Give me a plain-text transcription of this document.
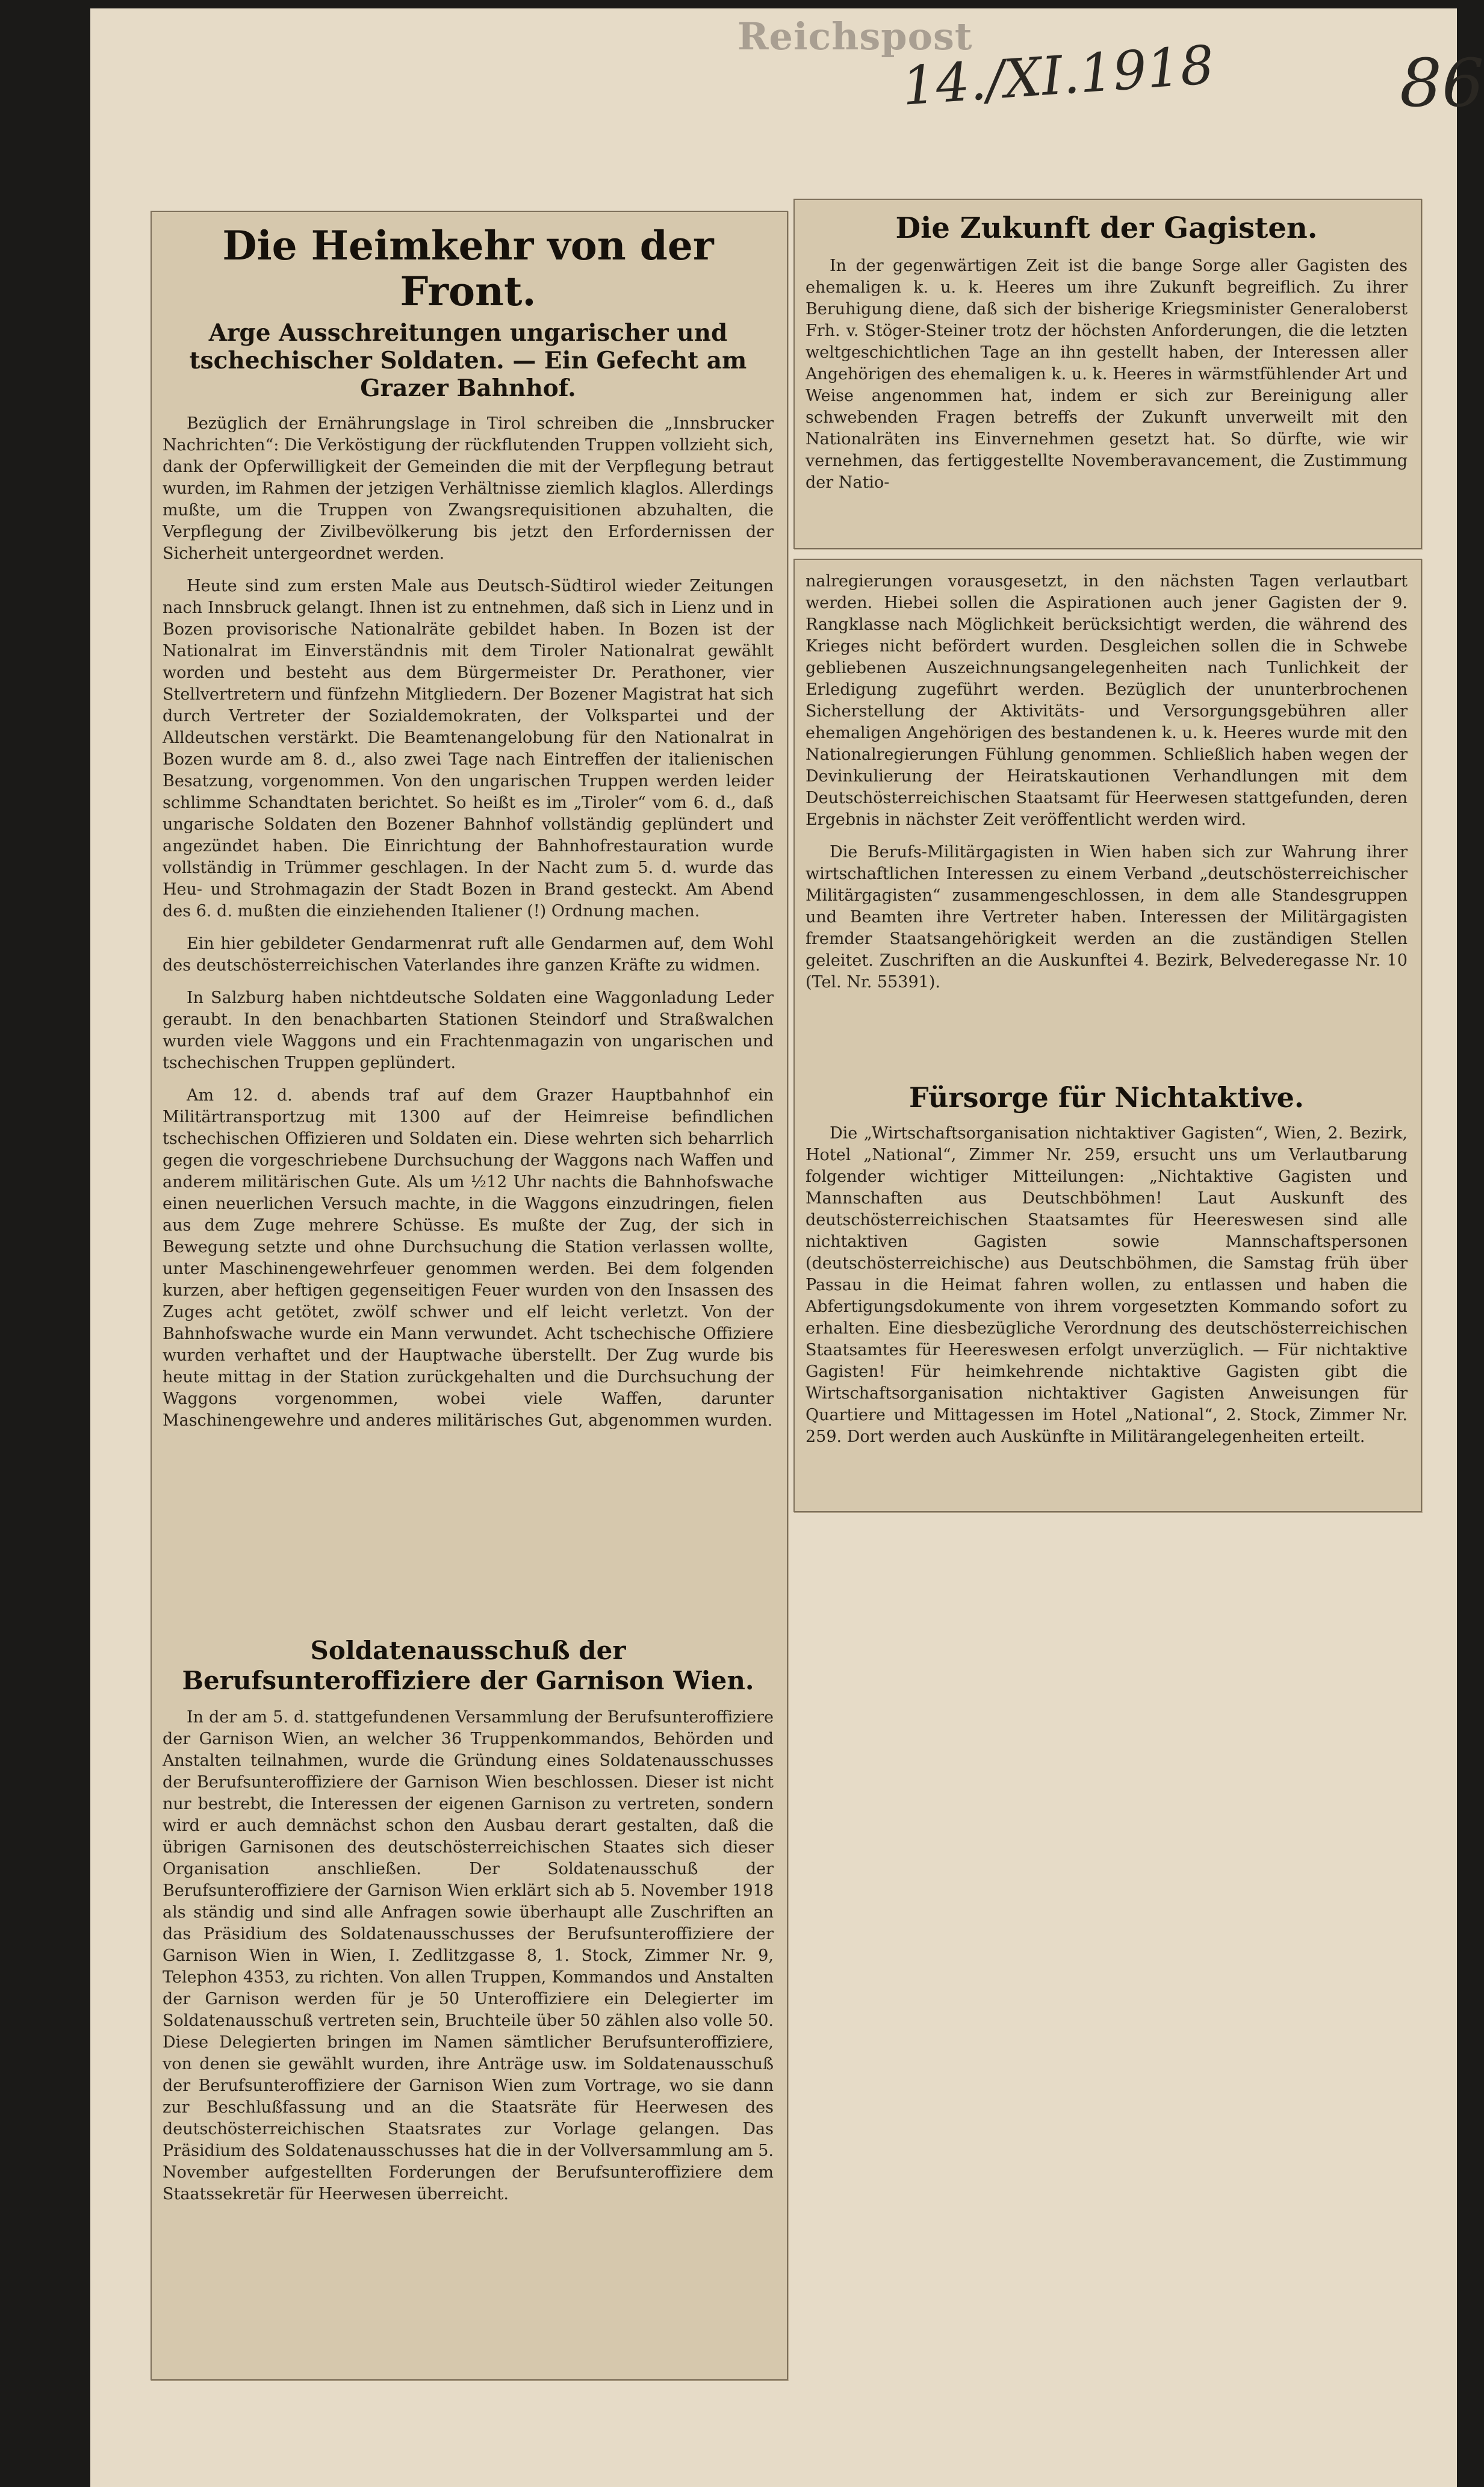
Reichspost
14./XI.1918	86
Die Heimkehr von der Front.
Arge Ausschreitungen ungarischer und tschechischer Soldaten. — Ein Gefecht am Grazer Bahnhof.

Bezüglich der Ernährungslage in Tirol schreiben die „Innsbrucker Nachrichten“: Die Verköstigung der rückflutenden Truppen vollzieht sich, dank der Opferwilligkeit der Gemeinden die mit der Verpflegung betraut wurden, im Rahmen der jetzigen Verhältnisse ziemlich klaglos. Allerdings mußte, um die Truppen von Zwangsrequisitionen abzuhalten, die Verpflegung der Zivilbevölkerung bis jetzt den Erfordernissen der Sicherheit untergeordnet werden.

Heute sind zum ersten Male aus Deutsch-Südtirol wieder Zeitungen nach Innsbruck gelangt. Ihnen ist zu entnehmen, daß sich in Lienz und in Bozen provisorische Nationalräte gebildet haben. In Bozen ist der Nationalrat im Einverständnis mit dem Tiroler Nationalrat gewählt worden und besteht aus dem Bürgermeister Dr. Perathoner, vier Stellvertretern und fünfzehn Mitgliedern. Der Bozener Magistrat hat sich durch Vertreter der Sozialdemokraten, der Volkspartei und der Alldeutschen verstärkt. Die Beamtenangelobung für den Nationalrat in Bozen wurde am 8. d., also zwei Tage nach Eintreffen der italienischen Besatzung, vorgenommen. Von den ungarischen Truppen werden leider schlimme Schandtaten berichtet. So heißt es im „Tiroler“ vom 6. d., daß ungarische Soldaten den Bozener Bahnhof vollständig geplündert und angezündet haben. Die Einrichtung der Bahnhofrestauration wurde vollständig in Trümmer geschlagen. In der Nacht zum 5. d. wurde das Heu- und Strohmagazin der Stadt Bozen in Brand gesteckt. Am Abend des 6. d. mußten die einziehenden Italiener (!) Ordnung machen.

Ein hier gebildeter Gendarmenrat ruft alle Gendarmen auf, dem Wohl des deutschösterreichischen Vaterlandes ihre ganzen Kräfte zu widmen.

In Salzburg haben nichtdeutsche Soldaten eine Waggonladung Leder geraubt. In den benachbarten Stationen Steindorf und Straßwalchen wurden viele Waggons und ein Frachtenmagazin von ungarischen und tschechischen Truppen geplündert.

Am 12. d. abends traf auf dem Grazer Hauptbahnhof ein Militärtransportzug mit 1300 auf der Heimreise befindlichen tschechischen Offizieren und Soldaten ein. Diese wehrten sich beharrlich gegen die vorgeschriebene Durchsuchung der Waggons nach Waffen und anderem militärischen Gute. Als um ½12 Uhr nachts die Bahnhofswache einen neuerlichen Versuch machte, in die Waggons einzudringen, fielen aus dem Zuge mehrere Schüsse. Es mußte der Zug, der sich in Bewegung setzte und ohne Durchsuchung die Station verlassen wollte, unter Maschinengewehrfeuer genommen werden. Bei dem folgenden kurzen, aber heftigen gegenseitigen Feuer wurden von den Insassen des Zuges acht getötet, zwölf schwer und elf leicht verletzt. Von der Bahnhofswache wurde ein Mann verwundet. Acht tschechische Offiziere wurden verhaftet und der Hauptwache überstellt. Der Zug wurde bis heute mittag in der Station zurückgehalten und die Durchsuchung der Waggons vorgenommen, wobei viele Waffen, darunter Maschinengewehre und anderes militärisches Gut, abgenommen wurden.

Soldatenausschuß der Berufsunteroffiziere der Garnison Wien.

In der am 5. d. stattgefundenen Versammlung der Berufsunteroffiziere der Garnison Wien, an welcher 36 Truppenkommandos, Behörden und Anstalten teilnahmen, wurde die Gründung eines Soldatenausschusses der Berufsunteroffiziere der Garnison Wien beschlossen. Dieser ist nicht nur bestrebt, die Interessen der eigenen Garnison zu vertreten, sondern wird er auch demnächst schon den Ausbau derart gestalten, daß die übrigen Garnisonen des deutschösterreichischen Staates sich dieser Organisation anschließen. Der Soldatenausschuß der Berufsunteroffiziere der Garnison Wien erklärt sich ab 5. November 1918 als ständig und sind alle Anfragen sowie überhaupt alle Zuschriften an das Präsidium des Soldatenausschusses der Berufsunteroffiziere der Garnison Wien in Wien, I. Zedlitzgasse 8, 1. Stock, Zimmer Nr. 9, Telephon 4353, zu richten. Von allen Truppen, Kommandos und Anstalten der Garnison werden für je 50 Unteroffiziere ein Delegierter im Soldatenausschuß vertreten sein, Bruchteile über 50 zählen also volle 50. Diese Delegierten bringen im Namen sämtlicher Berufsunteroffiziere, von denen sie gewählt wurden, ihre Anträge usw. im Soldatenausschuß der Berufsunteroffiziere der Garnison Wien zum Vortrage, wo sie dann zur Beschlußfassung und an die Staatsräte für Heerwesen des deutschösterreichischen Staatsrates zur Vorlage gelangen. Das Präsidium des Soldatenausschusses hat die in der Vollversammlung am 5. November aufgestellten Forderungen der Berufsunteroffiziere dem Staatssekretär für Heerwesen überreicht.

Die Zukunft der Gagisten.

In der gegenwärtigen Zeit ist die bange Sorge aller Gagisten des ehemaligen k. u. k. Heeres um ihre Zukunft begreiflich. Zu ihrer Beruhigung diene, daß sich der bisherige Kriegsminister Generaloberst Frh. v. Stöger-Steiner trotz der höchsten Anforderungen, die die letzten weltgeschichtlichen Tage an ihn gestellt haben, der Interessen aller Angehörigen des ehemaligen k. u. k. Heeres in wärmstfühlender Art und Weise angenommen hat, indem er sich zur Bereinigung aller schwebenden Fragen betreffs der Zukunft unverweilt mit den Nationalräten ins Einvernehmen gesetzt hat. So dürfte, wie wir vernehmen, das fertiggestellte Novemberavancement, die Zustimmung der Natio-

nalregierungen vorausgesetzt, in den nächsten Tagen verlautbart werden. Hiebei sollen die Aspirationen auch jener Gagisten der 9. Rangklasse nach Möglichkeit berücksichtigt werden, die während des Krieges nicht befördert wurden. Desgleichen sollen die in Schwebe gebliebenen Auszeichnungsangelegenheiten nach Tunlichkeit der Erledigung zugeführt werden. Bezüglich der ununterbrochenen Sicherstellung der Aktivitäts- und Versorgungsgebühren aller ehemaligen Angehörigen des bestandenen k. u. k. Heeres wurde mit den Nationalregierungen Fühlung genommen. Schließlich haben wegen der Devinkulierung der Heiratskautionen Verhandlungen mit dem Deutschösterreichischen Staatsamt für Heerwesen stattgefunden, deren Ergebnis in nächster Zeit veröffentlicht werden wird.

Die Berufs-Militärgagisten in Wien haben sich zur Wahrung ihrer wirtschaftlichen Interessen zu einem Verband „deutschösterreichischer Militärgagisten“ zusammengeschlossen, in dem alle Standesgruppen und Beamten ihre Vertreter haben. Interessen der Militärgagisten fremder Staatsangehörigkeit werden an die zuständigen Stellen geleitet. Zuschriften an die Auskunftei 4. Bezirk, Belvederegasse Nr. 10 (Tel. Nr. 55391).

Fürsorge für Nichtaktive.

Die „Wirtschaftsorganisation nichtaktiver Gagisten“, Wien, 2. Bezirk, Hotel „National“, Zimmer Nr. 259, ersucht uns um Verlautbarung folgender wichtiger Mitteilungen: „Nichtaktive Gagisten und Mannschaften aus Deutschböhmen! Laut Auskunft des deutschösterreichischen Staatsamtes für Heereswesen sind alle nichtaktiven Gagisten sowie Mannschaftspersonen (deutschösterreichische) aus Deutschböhmen, die Samstag früh über Passau in die Heimat fahren wollen, zu entlassen und haben die Abfertigungsdokumente von ihrem vorgesetzten Kommando sofort zu erhalten. Eine diesbezügliche Verordnung des deutschösterreichischen Staatsamtes für Heereswesen erfolgt unverzüglich. — Für nichtaktive Gagisten! Für heimkehrende nichtaktive Gagisten gibt die Wirtschaftsorganisation nichtaktiver Gagisten Anweisungen für Quartiere und Mittagessen im Hotel „National“, 2. Stock, Zimmer Nr. 259. Dort werden auch Auskünfte in Militärangelegenheiten erteilt.
